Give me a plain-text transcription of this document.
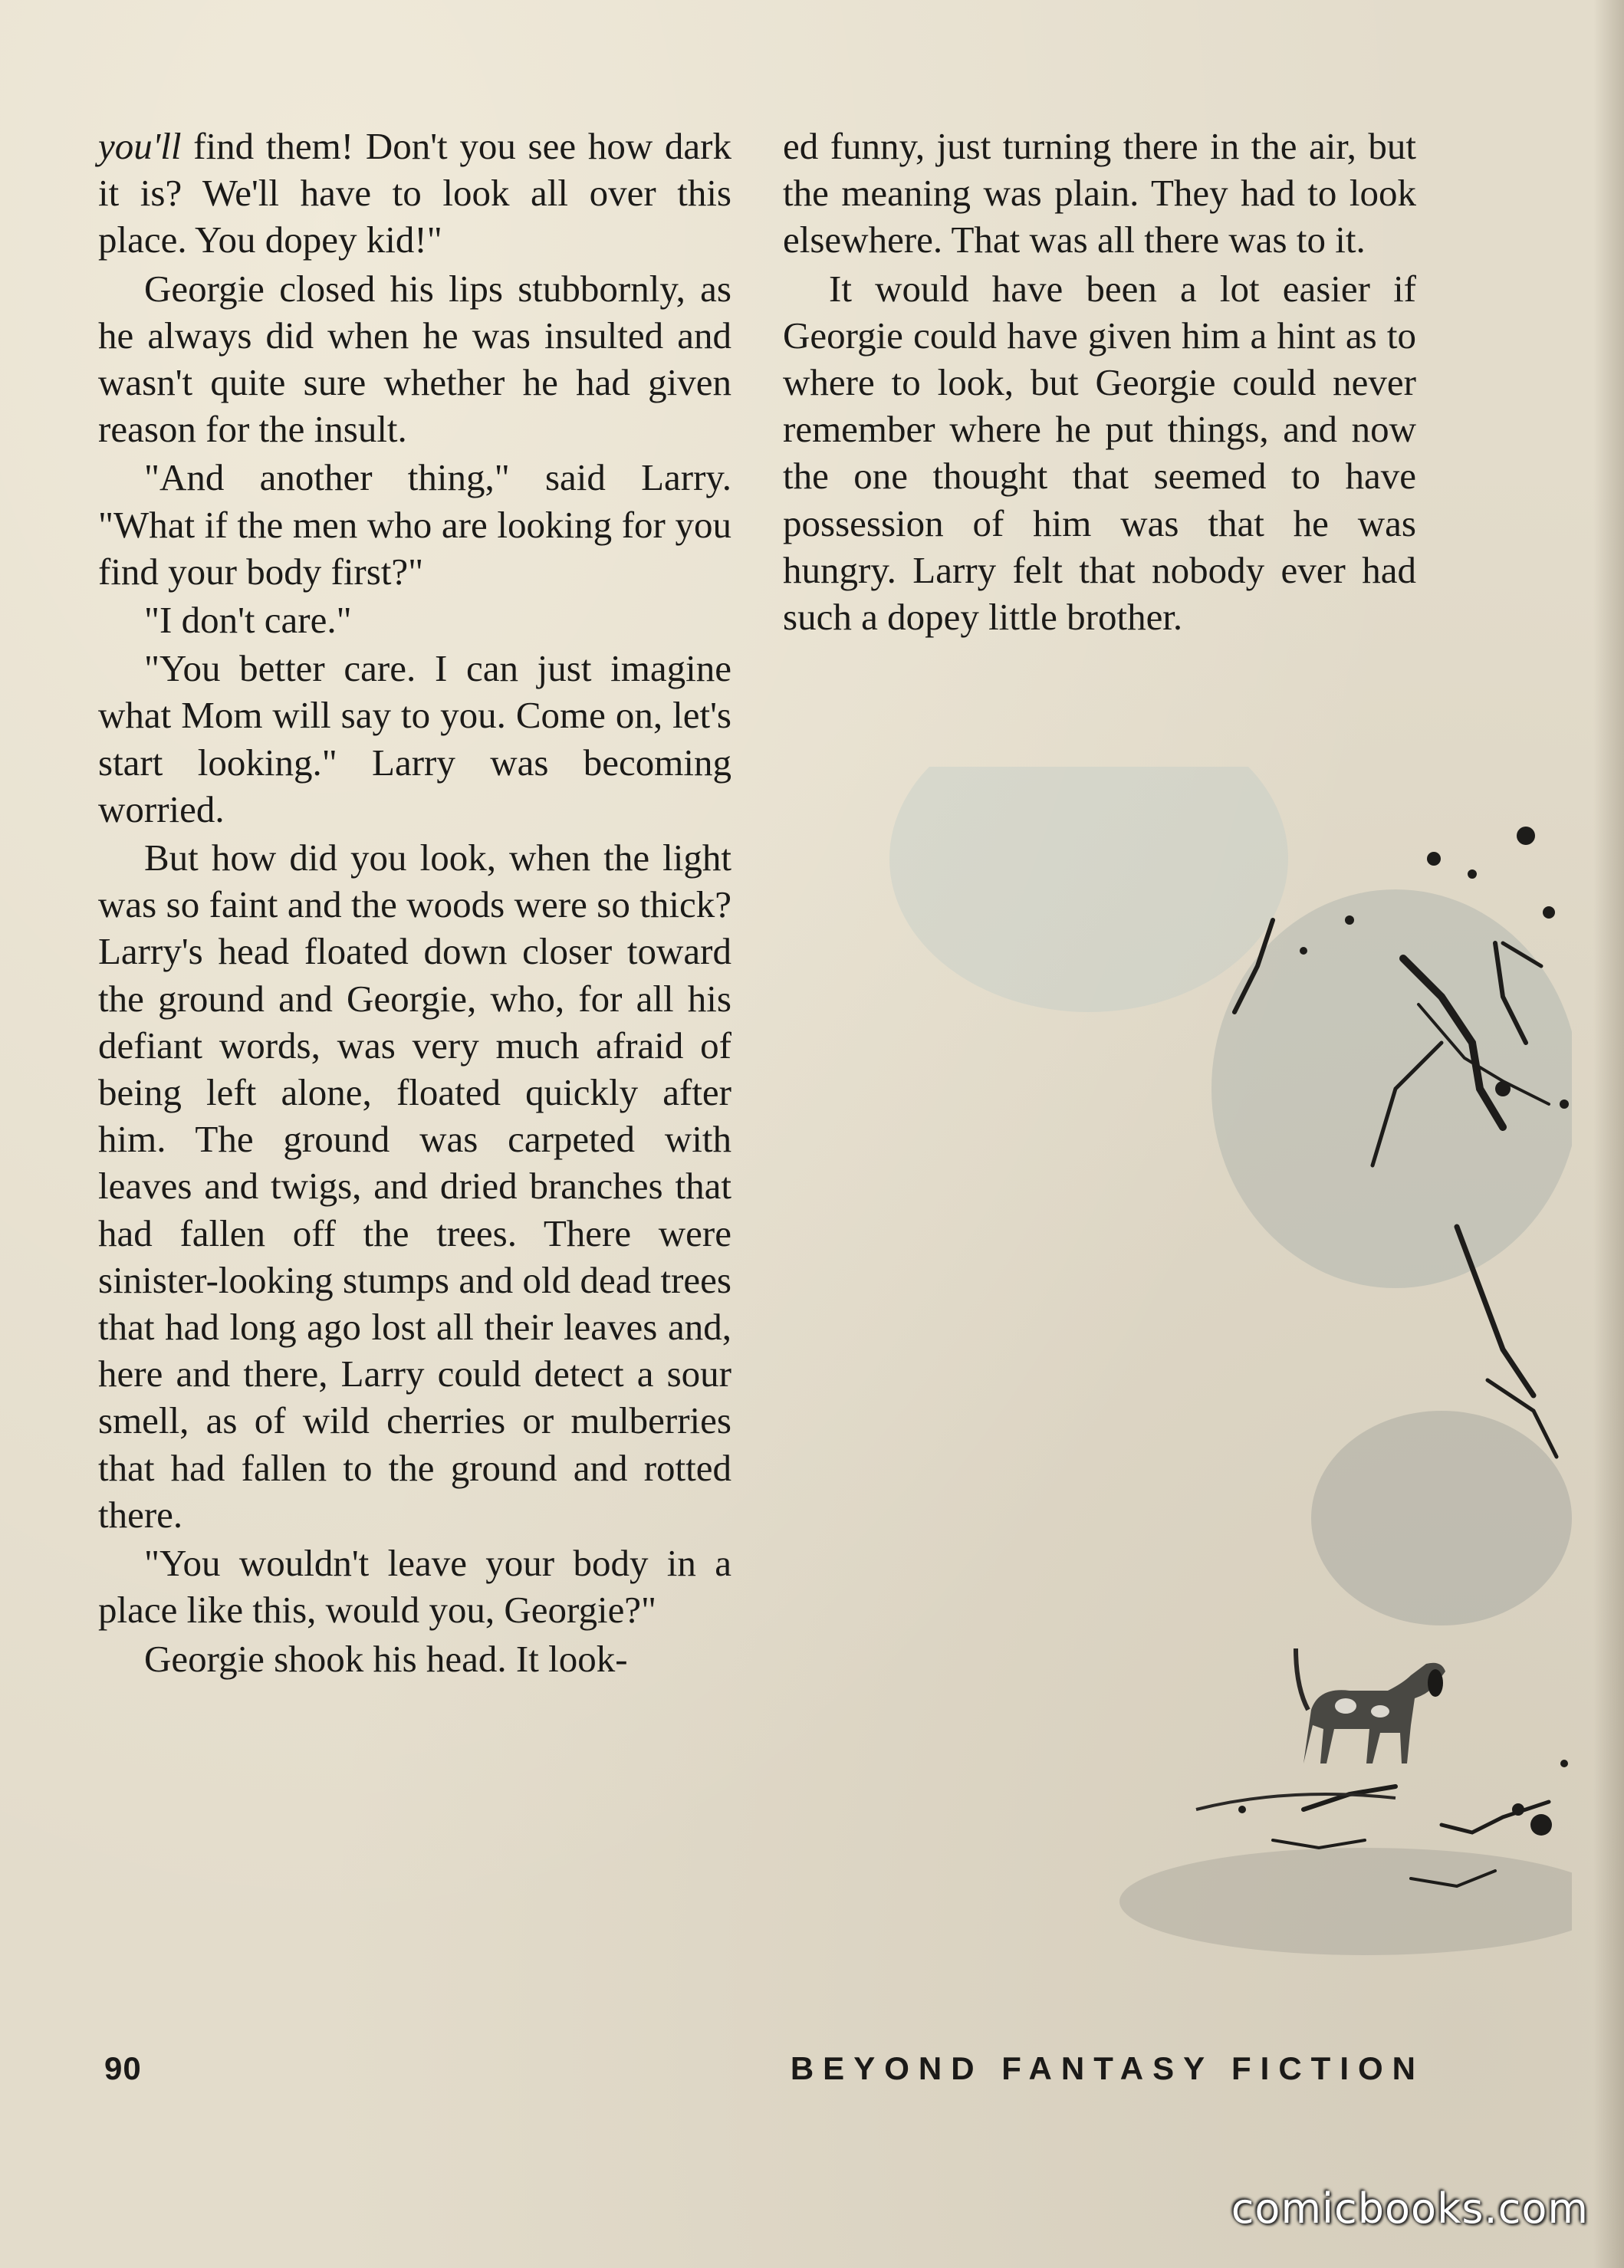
you'll find them! Don't you see how dark it is? We'll have to look all over this place. You dopey kid!"

Georgie closed his lips stubbornly, as he always did when he was insulted and wasn't quite sure whether he had given reason for the insult.

"And another thing," said Larry. "What if the men who are looking for you find your body first?"

"I don't care."

"You better care. I can just imagine what Mom will say to you. Come on, let's start looking." Larry was becoming worried.

But how did you look, when the light was so faint and the woods were so thick? Larry's head floated down closer toward the ground and Georgie, who, for all his defiant words, was very much afraid of being left alone, floated quickly after him. The ground was carpeted with leaves and twigs, and dried branches that had fallen off the trees. There were sinister-looking stumps and old dead trees that had long ago lost all their leaves and, here and there, Larry could detect a sour smell, as of wild cherries or mulberries that had fallen to the ground and rotted there.

"You wouldn't leave your body in a place like this, would you, Georgie?"

Georgie shook his head. It look-

ed funny, just turning there in the air, but the meaning was plain. They had to look elsewhere. That was all there was to it.

It would have been a lot easier if Georgie could have given him a hint as to where to look, but Georgie could never remember where he put things, and now the one thought that seemed to have possession of him was that he was hungry. Larry felt that nobody ever had such a dopey little brother.

90	BEYOND FANTASY FICTION
comicbooks.com
